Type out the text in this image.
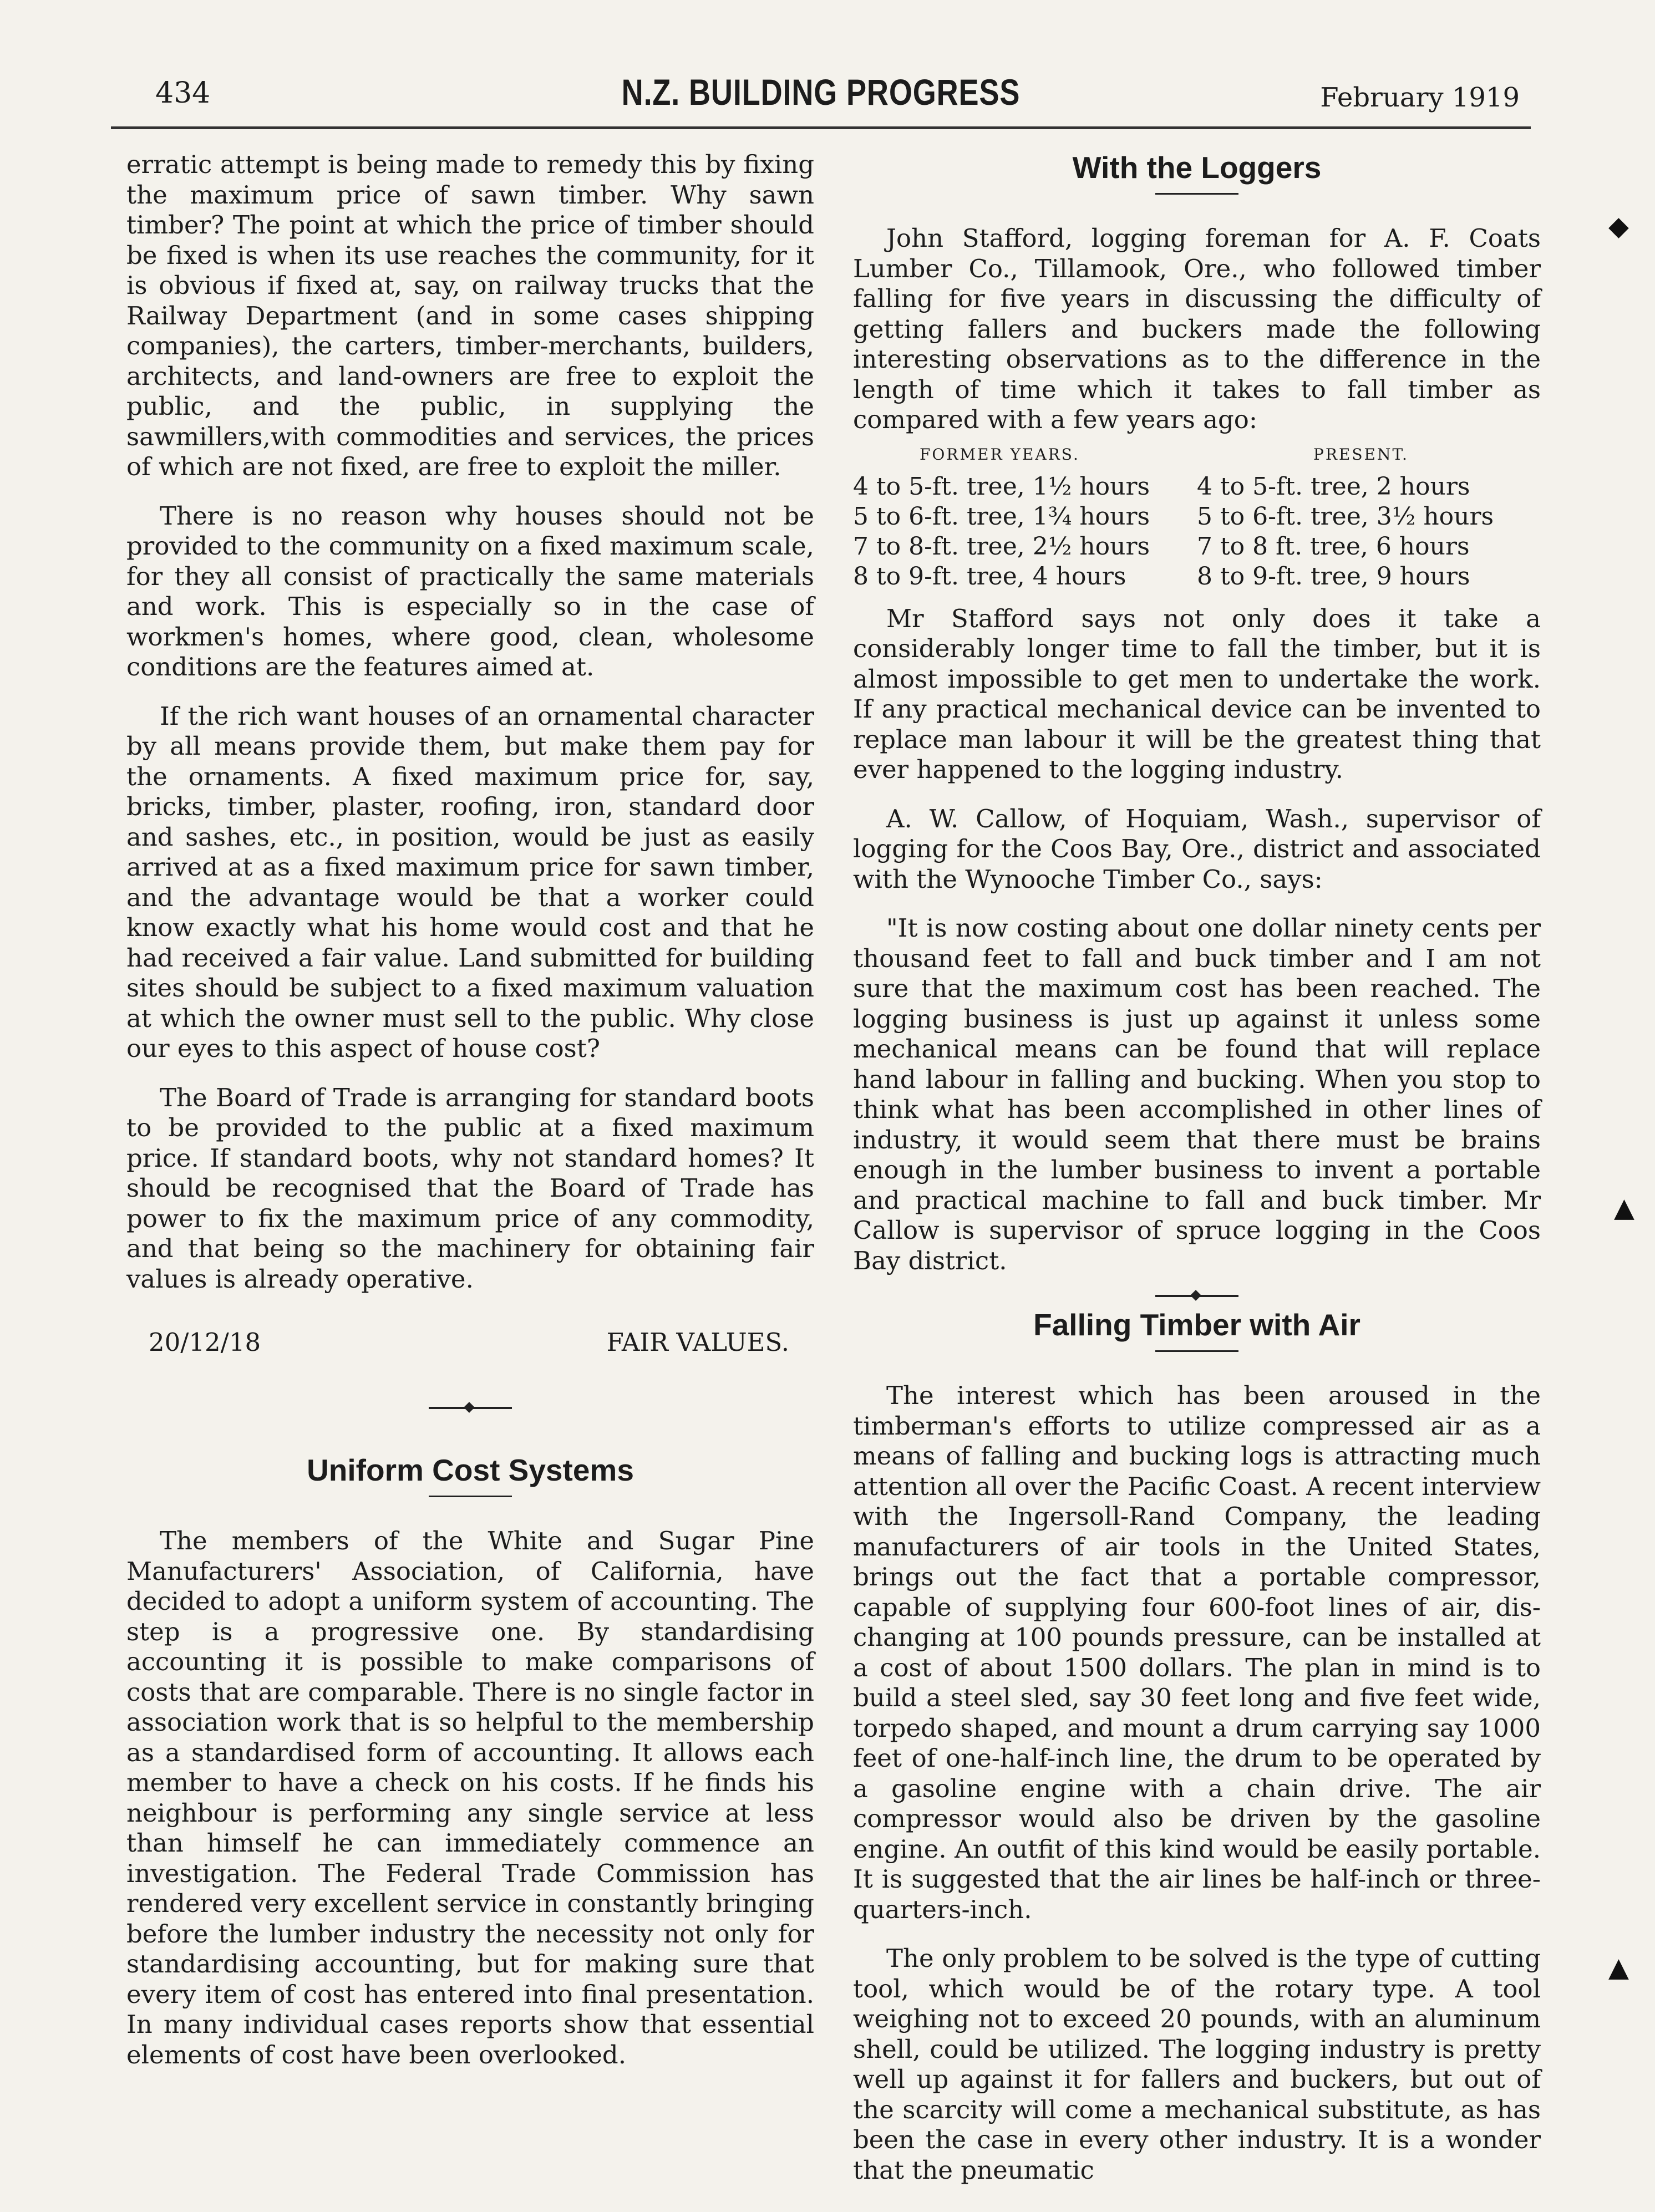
434	N.Z. BUILDING PROGRESS	February 1919

erratic attempt is being made to remedy this by fixing the maximum price of sawn timber. Why sawn timber? The point at which the price of timber should be fixed is when its use reaches the community, for it is obvious if fixed at, say, on railway trucks that the Railway Department (and in some cases shipping companies), the carters, timber-merchants, builders, architects, and land-owners are free to exploit the public, and the public, in supplying the sawmillers,with commodities and services, the prices of which are not fixed, are free to exploit the miller.

There is no reason why houses should not be provided to the community on a fixed maximum scale, for they all consist of practically the same materials and work. This is especially so in the case of workmen's homes, where good, clean, wholesome conditions are the features aimed at.

If the rich want houses of an ornamental character by all means provide them, but make them pay for the ornaments. A fixed maximum price for, say, bricks, timber, plaster, roofing, iron, standard door and sashes, etc., in position, would be just as easily arrived at as a fixed maximum price for sawn timber, and the advantage would be that a worker could know exactly what his home would cost and that he had received a fair value. Land submitted for building sites should be subject to a fixed maximum valuation at which the owner must sell to the public. Why close our eyes to this aspect of house cost?

The Board of Trade is arranging for standard boots to be provided to the public at a fixed maximum price. If standard boots, why not standard homes? It should be recognised that the Board of Trade has power to fix the maximum price of any commodity, and that being so the machinery for obtaining fair values is already operative.

20/12/18	FAIR VALUES.
Uniform Cost Systems

The members of the White and Sugar Pine Manufacturers' Association, of California, have decided to adopt a uniform system of accounting. The step is a progressive one. By standardising accounting it is possible to make comparisons of costs that are comparable. There is no single factor in association work that is so helpful to the membership as a standardised form of accounting. It allows each member to have a check on his costs. If he finds his neighbour is performing any single service at less than himself he can immediately commence an investigation. The Federal Trade Commission has rendered very excellent service in constantly bringing before the lumber industry the necessity not only for standardising accounting, but for making sure that every item of cost has entered into final presentation. In many individual cases reports show that essential elements of cost have been overlooked.

With the Loggers

John Stafford, logging foreman for A. F. Coats Lumber Co., Tillamook, Ore., who followed timber falling for five years in discussing the difficulty of getting fallers and buckers made the following interesting observations as to the difference in the length of time which it takes to fall timber as compared with a few years ago:

FORMER YEARS.	PRESENT.
4 to 5-ft. tree, 1½ hours	4 to 5-ft. tree, 2 hours
5 to 6-ft. tree, 1¾ hours	5 to 6-ft. tree, 3½ hours
7 to 8-ft. tree, 2½ hours	7 to 8 ft. tree, 6 hours
8 to 9-ft. tree, 4 hours	8 to 9-ft. tree, 9 hours

Mr Stafford says not only does it take a considerably longer time to fall the timber, but it is almost impossible to get men to undertake the work. If any practical mechanical device can be invented to replace man labour it will be the greatest thing that ever happened to the logging industry.

A. W. Callow, of Hoquiam, Wash., supervisor of logging for the Coos Bay, Ore., district and associated with the Wynooche Timber Co., says:

"It is now costing about one dollar ninety cents per thousand feet to fall and buck timber and I am not sure that the maximum cost has been reached. The logging business is just up against it unless some mechanical means can be found that will replace hand labour in falling and bucking. When you stop to think what has been accomplished in other lines of industry, it would seem that there must be brains enough in the lumber business to invent a portable and practical machine to fall and buck timber. Mr Callow is supervisor of spruce logging in the Coos Bay district.

Falling Timber with Air

The interest which has been aroused in the timberman's efforts to utilize compressed air as a means of falling and bucking logs is attracting much attention all over the Pacific Coast. A recent interview with the Ingersoll-Rand Company, the leading manufacturers of air tools in the United States, brings out the fact that a portable compressor, capable of supplying four 600-foot lines of air, dis-changing at 100 pounds pressure, can be installed at a cost of about 1500 dollars. The plan in mind is to build a steel sled, say 30 feet long and five feet wide, torpedo shaped, and mount a drum carrying say 1000 feet of one-half-inch line, the drum to be operated by a gasoline engine with a chain drive. The air compressor would also be driven by the gasoline engine. An outfit of this kind would be easily portable. It is suggested that the air lines be half-inch or three-quarters-inch.

The only problem to be solved is the type of cutting tool, which would be of the rotary type. A tool weighing not to exceed 20 pounds, with an aluminum shell, could be utilized. The logging industry is pretty well up against it for fallers and buckers, but out of the scarcity will come a mechanical substitute, as has been the case in every other industry. It is a wonder that the pneumatic

◆
▲
▲
